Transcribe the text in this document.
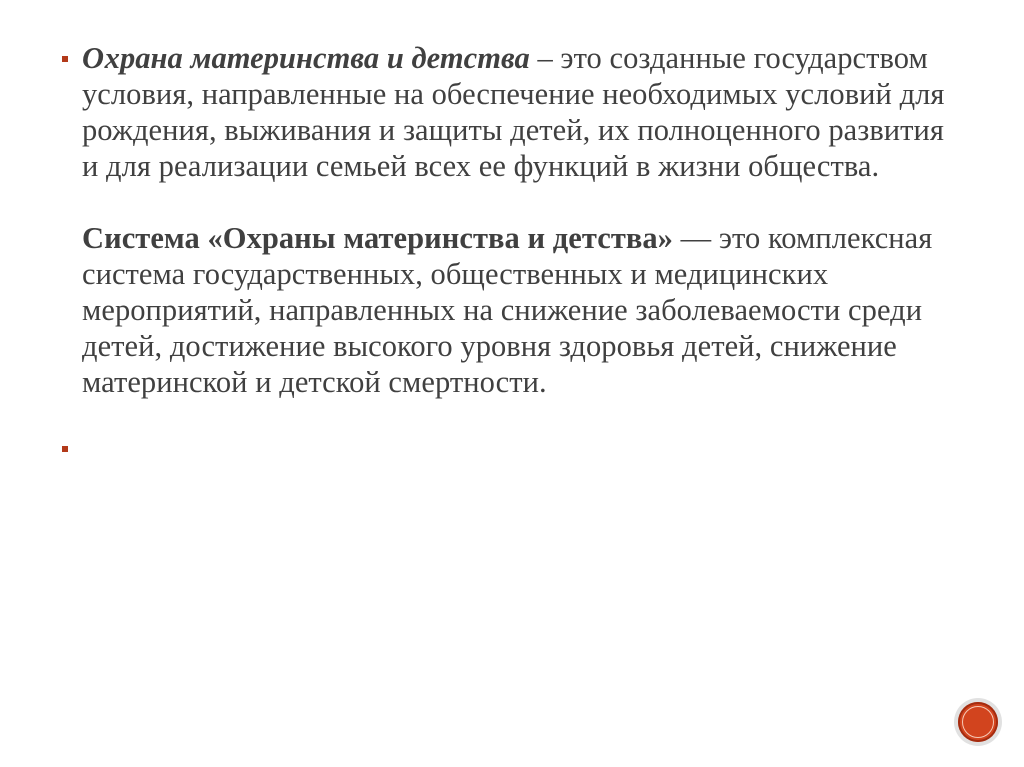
Охрана материнства и детства – это созданные государством условия, направленные на обеспечение необходимых условий для рождения, выживания и защиты детей, их полноценного развития и для реализации семьей всех ее функций в жизни общества.

Система «Охраны материнства и детства» — это комплексная система государственных, общественных и медицинских мероприятий, направленных на снижение заболеваемости среди детей, достижение высокого уровня здоровья детей, снижение материнской и детской смертности.
